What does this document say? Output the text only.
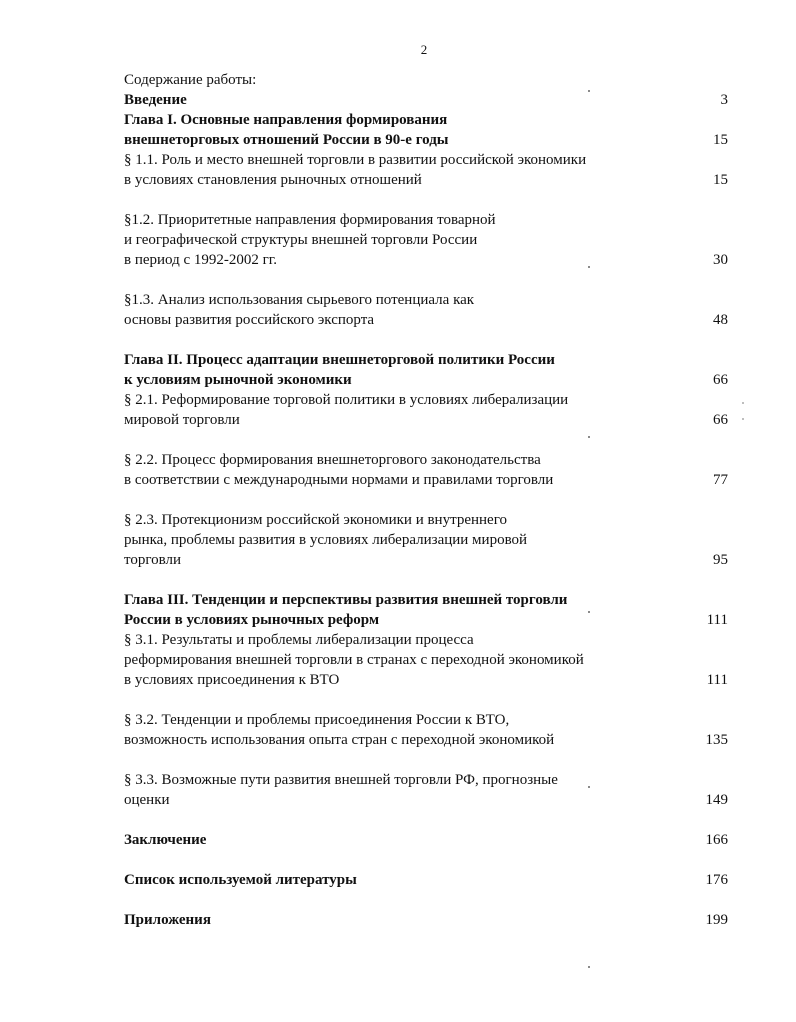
2
Содержание работы:
Введение	3
Глава I. Основные направления формирования
внешнеторговых отношений России в 90-е годы	15
§ 1.1. Роль и место внешней торговли в развитии российской экономики
в условиях становления рыночных отношений	15
§1.2. Приоритетные направления формирования товарной
и географической структуры внешней торговли России
в период с 1992-2002 гг.	30
§1.3. Анализ использования сырьевого потенциала как
основы развития российского экспорта	48
Глава II. Процесс адаптации внешнеторговой политики России
к условиям рыночной экономики	66
§ 2.1. Реформирование торговой политики в условиях либерализации
мировой торговли	66
§ 2.2. Процесс формирования внешнеторгового законодательства
в соответствии с международными нормами и правилами торговли	77
§ 2.3. Протекционизм российской экономики и внутреннего
рынка, проблемы развития в условиях либерализации мировой
торговли	95
Глава III. Тенденции и перспективы развития внешней торговли
России в условиях рыночных реформ	111
§ 3.1. Результаты и проблемы либерализации процесса
реформирования внешней торговли в странах с переходной экономикой
в условиях присоединения к ВТО	111
§ 3.2. Тенденции и проблемы присоединения России к ВТО,
возможность использования опыта стран с переходной экономикой	135
§ 3.3. Возможные пути развития внешней торговли РФ, прогнозные
оценки	149
Заключение	166
Список используемой литературы	176
Приложения	199
